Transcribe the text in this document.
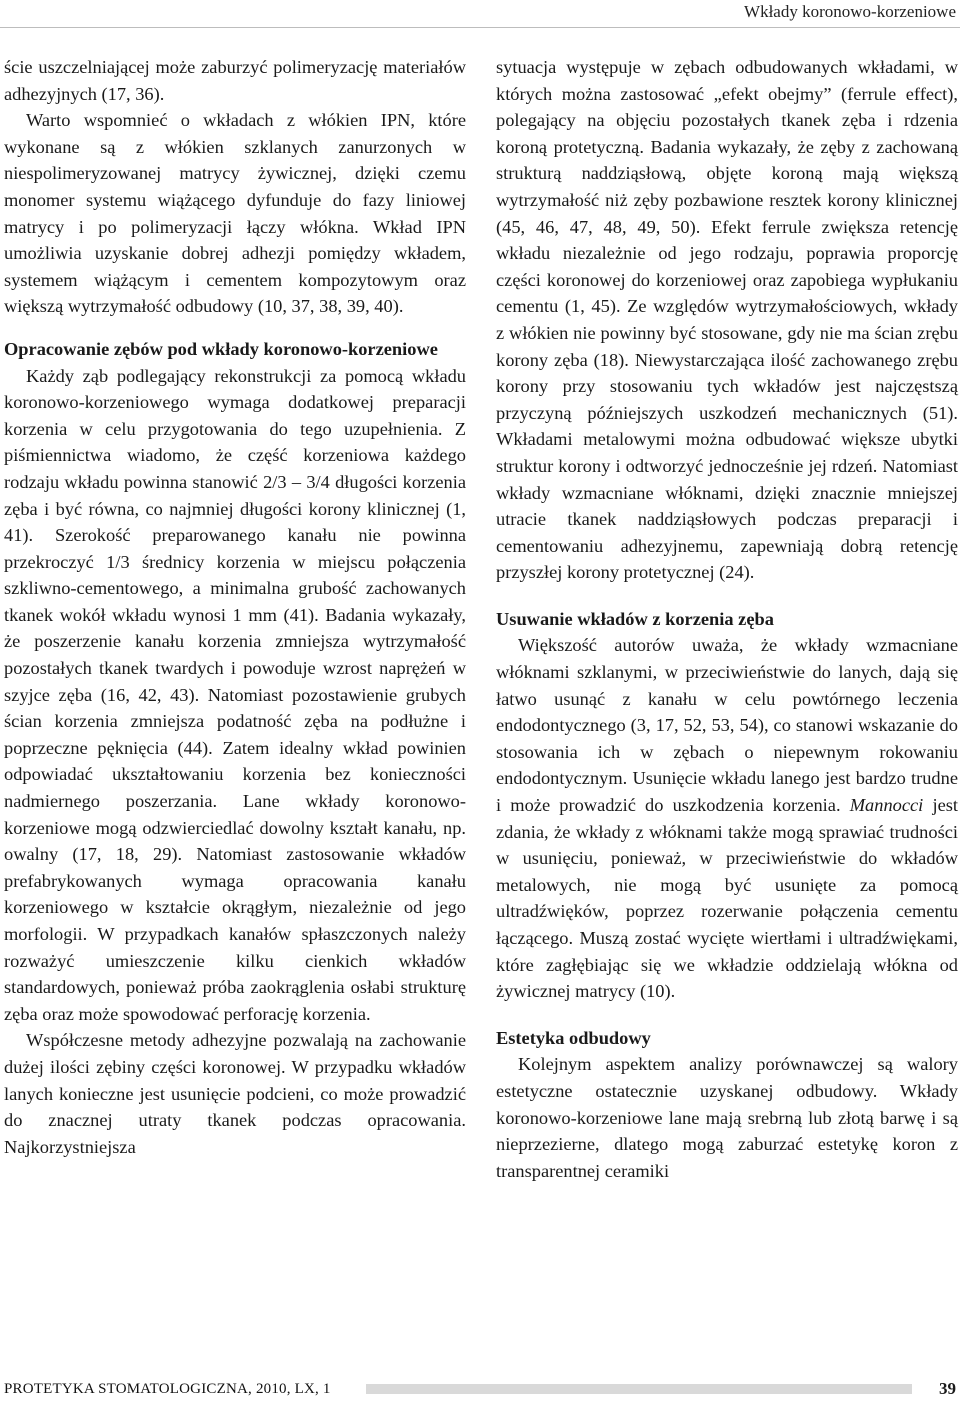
Wkłady koronowo-korzeniowe

ście uszczelniającej może zaburzyć polimeryzację materiałów adhezyjnych (17, 36).

Warto wspomnieć o wkładach z włókien IPN, które wykonane są z włókien szklanych zanurzonych w niespolimeryzowanej matrycy żywicznej, dzięki czemu monomer systemu wiążącego dyfunduje do fazy liniowej matrycy i po polimeryzacji łączy włókna. Wkład IPN umożliwia uzyskanie dobrej adhezji pomiędzy wkładem, systemem wiążącym i cementem kompozytowym oraz większą wytrzymałość odbudowy (10, 37, 38, 39, 40).

Opracowanie zębów pod wkłady koronowo-korzeniowe

Każdy ząb podlegający rekonstrukcji za pomocą wkładu koronowo-korzeniowego wymaga dodatkowej preparacji korzenia w celu przygotowania do tego uzupełnienia. Z piśmiennictwa wiadomo, że część korzeniowa każdego rodzaju wkładu powinna stanowić 2/3 – 3/4 długości korzenia zęba i być równa, co najmniej długości korony klinicznej (1, 41). Szerokość preparowanego kanału nie powinna przekroczyć 1/3 średnicy korzenia w miejscu połączenia szkliwno-cementowego, a minimalna grubość zachowanych tkanek wokół wkładu wynosi 1 mm (41). Badania wykazały, że poszerzenie kanału korzenia zmniejsza wytrzymałość pozostałych tkanek twardych i powoduje wzrost naprężeń w szyjce zęba (16, 42, 43). Natomiast pozostawienie grubych ścian korzenia zmniejsza podatność zęba na podłużne i poprzeczne pęknięcia (44). Zatem idealny wkład powinien odpowiadać ukształtowaniu korzenia bez konieczności nadmiernego poszerzania. Lane wkłady koronowo-korzeniowe mogą odzwierciedlać dowolny kształt kanału, np. owalny (17, 18, 29). Natomiast zastosowanie wkładów prefabrykowanych wymaga opracowania kanału korzeniowego w kształcie okrągłym, niezależnie od jego morfologii. W przypadkach kanałów spłaszczonych należy rozważyć umieszczenie kilku cienkich wkładów standardowych, ponieważ próba zaokrąglenia osłabi strukturę zęba oraz może spowodować perforację korzenia.

Współczesne metody adhezyjne pozwalają na zachowanie dużej ilości zębiny części koronowej. W przypadku wkładów lanych konieczne jest usunięcie podcieni, co może prowadzić do znacznej utraty tkanek podczas opracowania. Najkorzystniejsza

sytuacja występuje w zębach odbudowanych wkładami, w których można zastosować „efekt obejmy” (ferrule effect), polegający na objęciu pozostałych tkanek zęba i rdzenia koroną protetyczną. Badania wykazały, że zęby z zachowaną strukturą naddziąsłową, objęte koroną mają większą wytrzymałość niż zęby pozbawione resztek korony klinicznej (45, 46, 47, 48, 49, 50). Efekt ferrule zwiększa retencję wkładu niezależnie od jego rodzaju, poprawia proporcję części koronowej do korzeniowej oraz zapobiega wypłukaniu cementu (1, 45). Ze względów wytrzymałościowych, wkłady z włókien nie powinny być stosowane, gdy nie ma ścian zrębu korony zęba (18). Niewystarczająca ilość zachowanego zrębu korony przy stosowaniu tych wkładów jest najczęstszą przyczyną późniejszych uszkodzeń mechanicznych (51). Wkładami metalowymi można odbudować większe ubytki struktur korony i odtworzyć jednocześnie jej rdzeń. Natomiast wkłady wzmacniane włóknami, dzięki znacznie mniejszej utracie tkanek naddziąsłowych podczas preparacji i cementowaniu adhezyjnemu, zapewniają dobrą retencję przyszłej korony protetycznej (24).

Usuwanie wkładów z korzenia zęba

Większość autorów uważa, że wkłady wzmacniane włóknami szklanymi, w przeciwieństwie do lanych, dają się łatwo usunąć z kanału w celu powtórnego leczenia endodontycznego (3, 17, 52, 53, 54), co stanowi wskazanie do stosowania ich w zębach o niepewnym rokowaniu endodontycznym. Usunięcie wkładu lanego jest bardzo trudne i może prowadzić do uszkodzenia korzenia. Mannocci jest zdania, że wkłady z włóknami także mogą sprawiać trudności w usunięciu, ponieważ, w przeciwieństwie do wkładów metalowych, nie mogą być usunięte za pomocą ultradźwięków, poprzez rozerwanie połączenia cementu łączącego. Muszą zostać wycięte wiertłami i ultradźwiękami, które zagłębiając się we wkładzie oddzielają włókna od żywicznej matrycy (10).

Estetyka odbudowy

Kolejnym aspektem analizy porównawczej są walory estetyczne ostatecznie uzyskanej odbudowy. Wkłady koronowo-korzeniowe lane mają srebrną lub złotą barwę i są nieprzezierne, dlatego mogą zaburzać estetykę koron z transparentnej ceramiki

PROTETYKA STOMATOLOGICZNA, 2010, LX, 1	39
